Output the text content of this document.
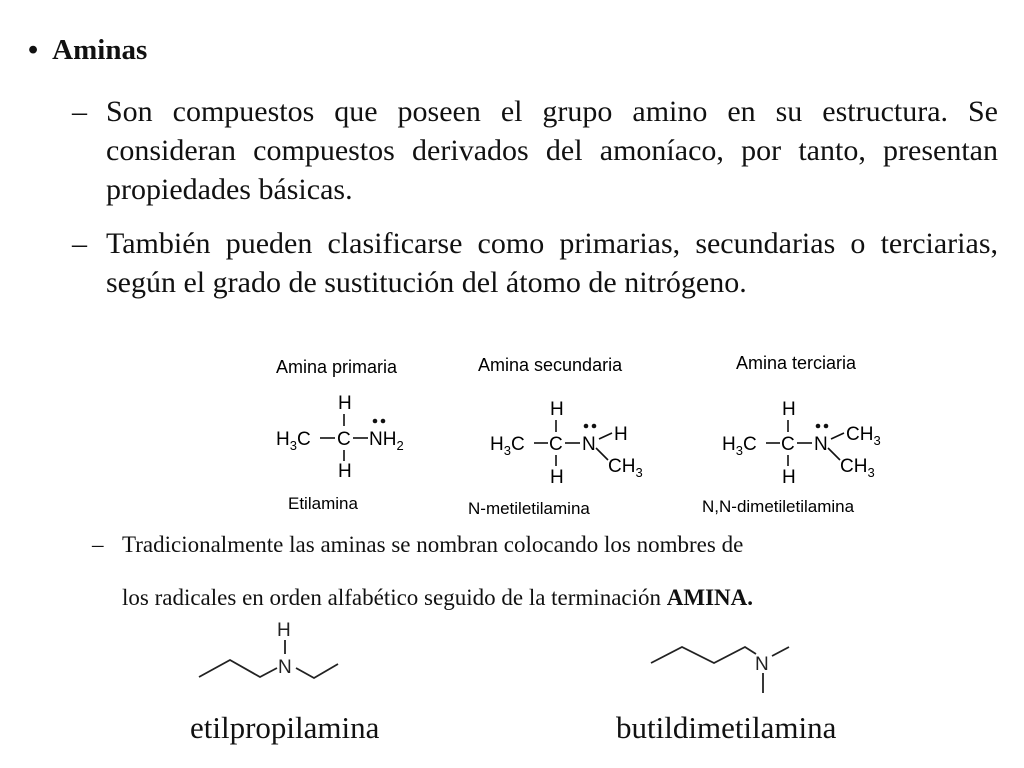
• Aminas
– Son compuestos que poseen el grupo amino en su estructura. Se consideran compuestos derivados del amoníaco, por tanto, presentan propiedades básicas.
– También pueden clasificarse como primarias, secundarias o terciarias, según el grado de sustitución del átomo de nitrógeno.
Amina primaria
H
$H_3C$ C $NH_2$
H
Etilamina
Amina secundaria
H
$H_3C$ C N H
$CH_3$
H
N-metiletilamina
Amina terciaria
H
$H_3C$ C N $CH_3$
$CH_3$
H
N,N-dimetiletilamina
– Tradicionalmente las aminas se nombran colocando los nombres de
los radicales en orden alfabético seguido de la terminación AMINA.
H
N	N
etilpropilamina	butildimetilamina
